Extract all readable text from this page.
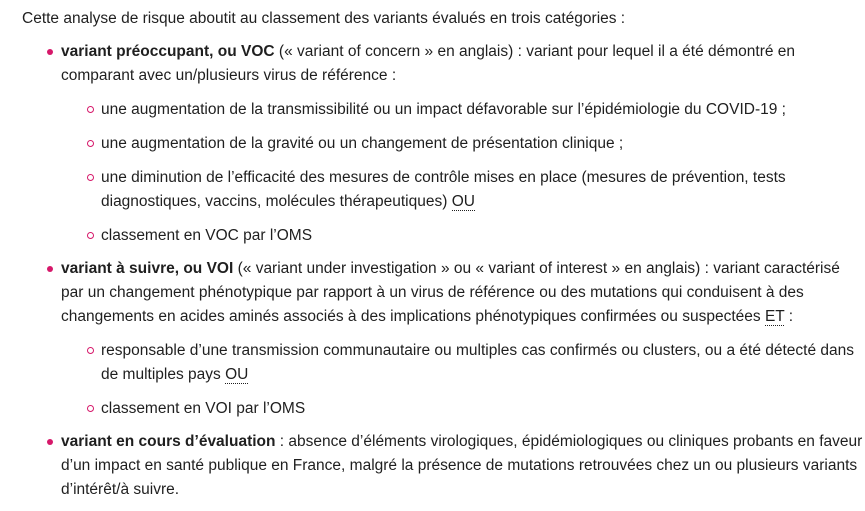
Cette analyse de risque aboutit au classement des variants évalués en trois catégories :

variant préoccupant, ou VOC (« variant of concern » en anglais) : variant pour lequel il a été démontré en comparant avec un/plusieurs virus de référence :
une augmentation de la transmissibilité ou un impact défavorable sur l’épidémiologie du COVID-19 ;
une augmentation de la gravité ou un changement de présentation clinique ;
une diminution de l’efficacité des mesures de contrôle mises en place (mesures de prévention, tests diagnostiques, vaccins, molécules thérapeutiques) OU
classement en VOC par l’OMS
variant à suivre, ou VOI (« variant under investigation » ou « variant of interest » en anglais) : variant caractérisé par un changement phénotypique par rapport à un virus de référence ou des mutations qui conduisent à des changements en acides aminés associés à des implications phénotypiques confirmées ou suspectées ET :
responsable d’une transmission communautaire ou multiples cas confirmés ou clusters, ou a été détecté dans de multiples pays OU
classement en VOI par l’OMS
variant en cours d’évaluation : absence d’éléments virologiques, épidémiologiques ou cliniques probants en faveur d’un impact en santé publique en France, malgré la présence de mutations retrouvées chez un ou plusieurs variants d’intérêt/à suivre.
